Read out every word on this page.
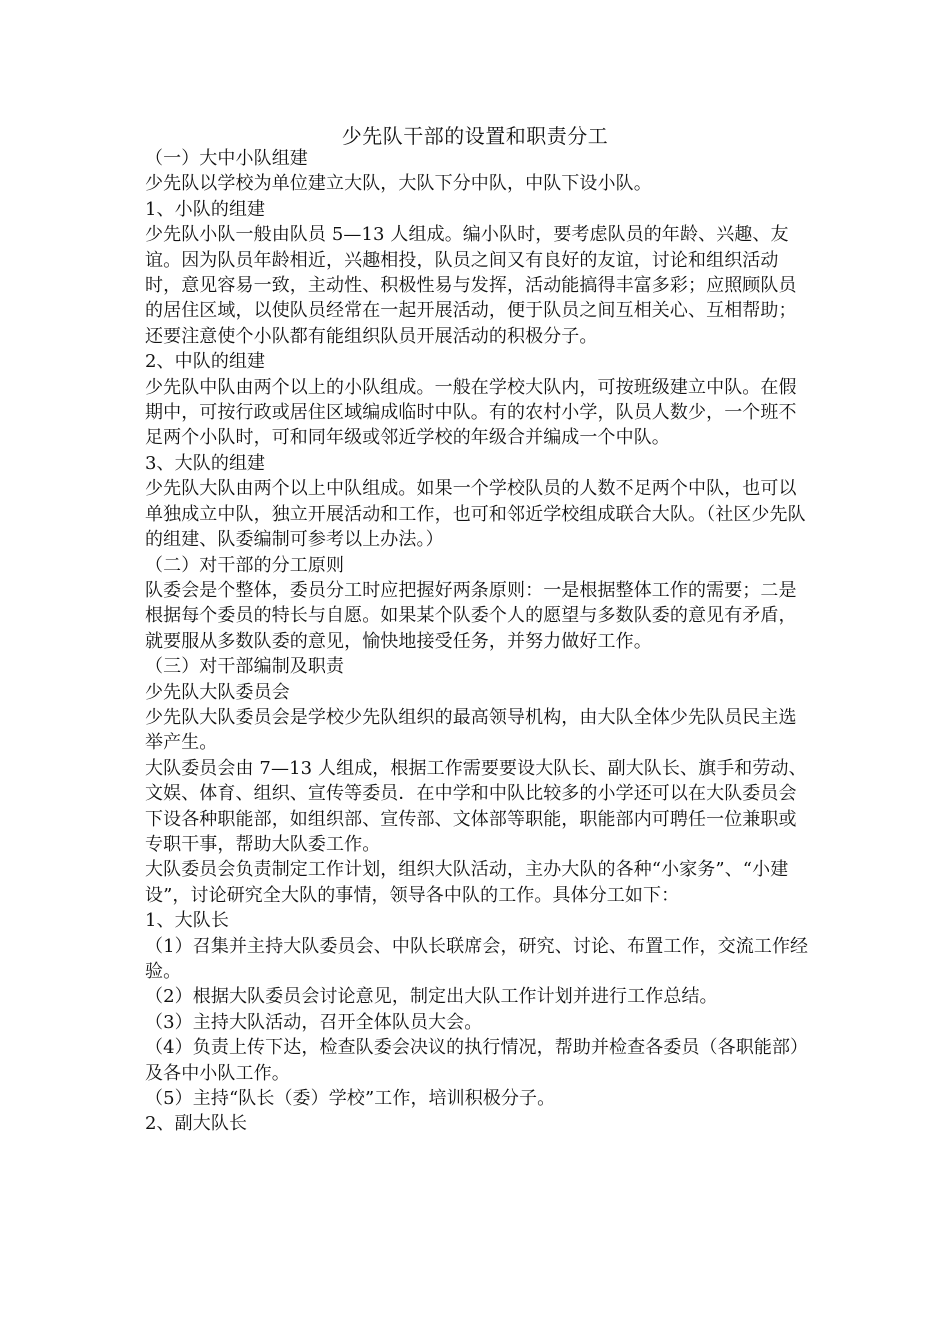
少先队干部的设置和职责分工

（一）大中小队组建

少先队以学校为单位建立大队，大队下分中队，中队下设小队。

1、小队的组建

少先队小队一般由队员 5—13 人组成。编小队时，要考虑队员的年龄、兴趣、友谊。因为队员年龄相近，兴趣相投，队员之间又有良好的友谊，讨论和组织活动时，意见容易一致，主动性、积极性易与发挥，活动能搞得丰富多彩；应照顾队员的居住区域，以使队员经常在一起开展活动，便于队员之间互相关心、互相帮助；还要注意使个小队都有能组织队员开展活动的积极分子。

2、中队的组建

少先队中队由两个以上的小队组成。一般在学校大队内，可按班级建立中队。在假期中，可按行政或居住区域编成临时中队。有的农村小学，队员人数少，一个班不足两个小队时，可和同年级或邻近学校的年级合并编成一个中队。

3、大队的组建

少先队大队由两个以上中队组成。如果一个学校队员的人数不足两个中队，也可以单独成立中队，独立开展活动和工作，也可和邻近学校组成联合大队。（社区少先队的组建、队委编制可参考以上办法。）

（二）对干部的分工原则

队委会是个整体，委员分工时应把握好两条原则：一是根据整体工作的需要；二是根据每个委员的特长与自愿。如果某个队委个人的愿望与多数队委的意见有矛盾，就要服从多数队委的意见，愉快地接受任务，并努力做好工作。

（三）对干部编制及职责

少先队大队委员会

少先队大队委员会是学校少先队组织的最高领导机构，由大队全体少先队员民主选举产生。

大队委员会由 7—13 人组成，根据工作需要要设大队长、副大队长、旗手和劳动、文娱、体育、组织、宣传等委员．在中学和中队比较多的小学还可以在大队委员会下设各种职能部，如组织部、宣传部、文体部等职能，职能部内可聘任一位兼职或专职干事，帮助大队委工作。

大队委员会负责制定工作计划，组织大队活动，主办大队的各种“小家务”、“小建设”，讨论研究全大队的事情，领导各中队的工作。具体分工如下：

1、大队长

（1）召集并主持大队委员会、中队长联席会，研究、讨论、布置工作，交流工作经验。

（2）根据大队委员会讨论意见，制定出大队工作计划并进行工作总结。

（3）主持大队活动，召开全体队员大会。

（4）负责上传下达，检查队委会决议的执行情况，帮助并检查各委员（各职能部）及各中小队工作。

（5）主持“队长（委）学校”工作，培训积极分子。

2、副大队长
